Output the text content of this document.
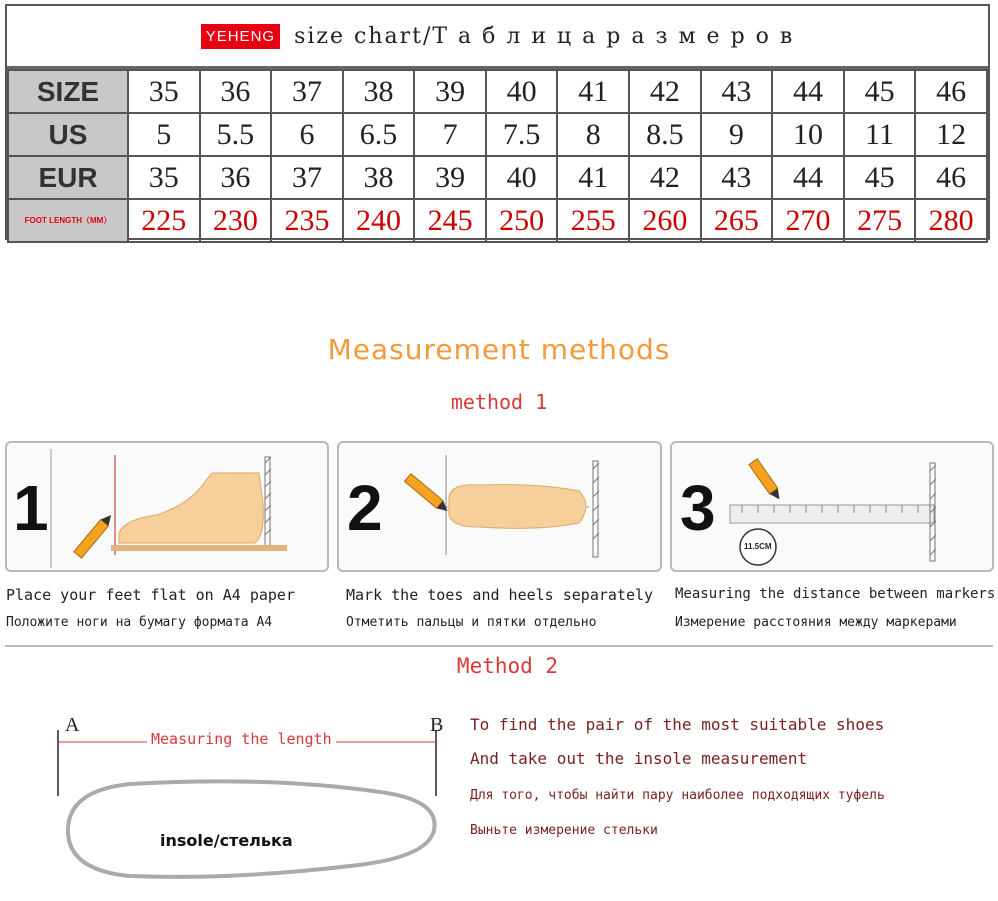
YEHENG size chart/Т а б л и ц а р а з м е р о в
SIZE	35	36	37	38	39	40	41	42	43	44	45	46
US	5	5.5	6	6.5	7	7.5	8	8.5	9	10	11	12
EUR	35	36	37	38	39	40	41	42	43	44	45	46
FOOT LENGTH（MM）	225	230	235	240	245	250	255	260	265	270	275	280
Measurement methods
method 1
1
Place your feet flat on A4 paper
Положите ноги на бумагу формата A4
2
Mark the toes and heels separately
Отметить пальцы и пятки отдельно
3
11.5CM
Measuring the distance between markers
Измерение расстояния между маркерами
Method 2
A	B
Measuring the length
insole/стелька
To find the pair of the most suitable shoes
And take out the insole measurement
Для того, чтобы найти пару наиболее подходящих туфель
Выньте измерение стельки
